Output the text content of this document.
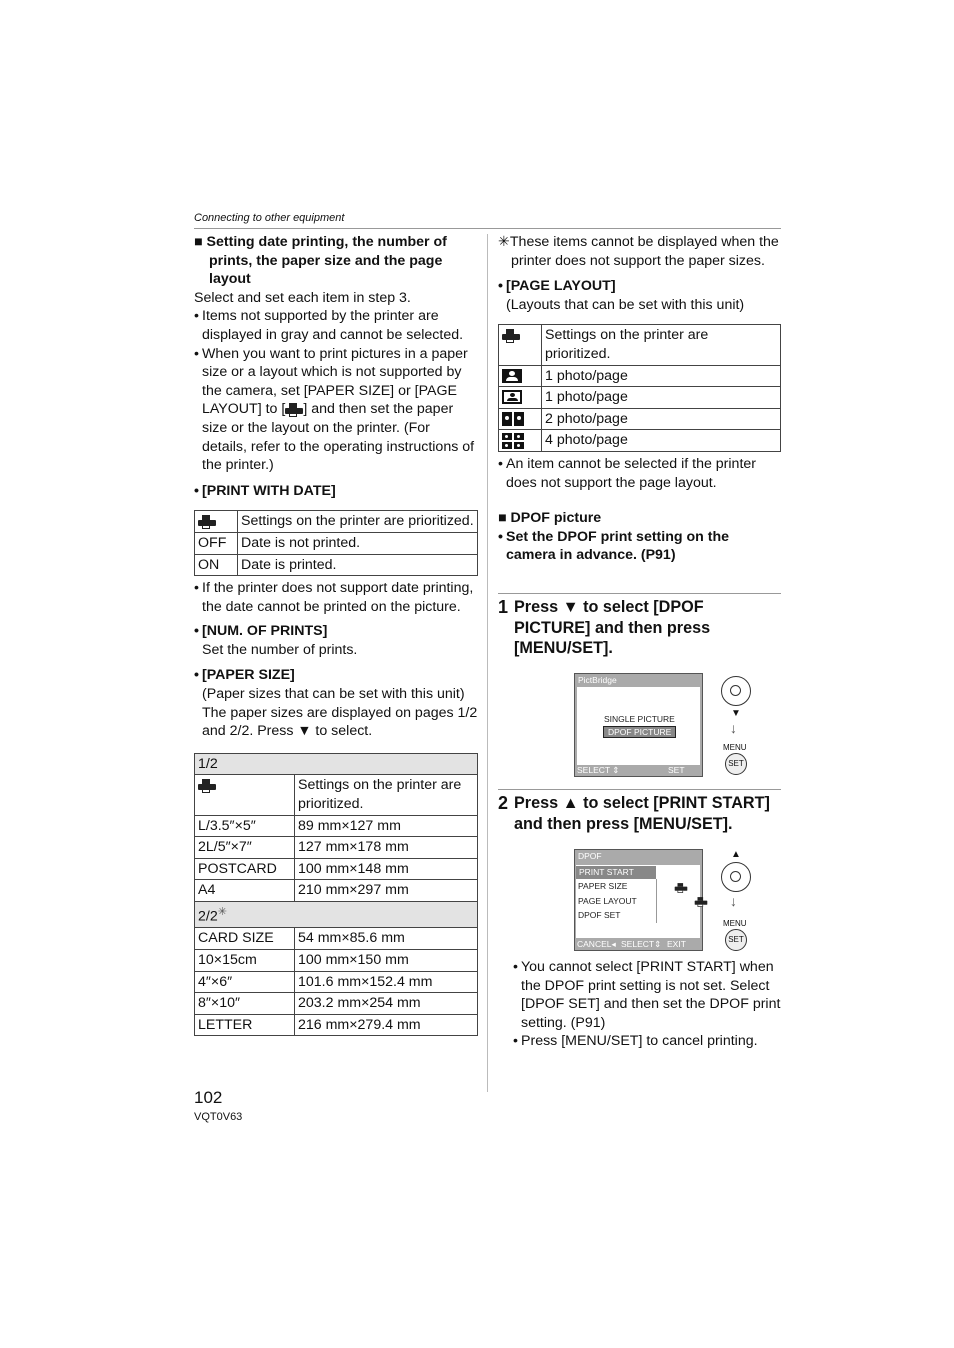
Connecting to other equipment

■ Setting date printing, the number of prints, the paper size and the page layout

Select and set each item in step 3.

• Items not supported by the printer are displayed in gray and cannot be selected.

• When you want to print pictures in a paper size or a layout which is not supported by the camera, set [PAPER SIZE] or [PAGE LAYOUT] to [ ] and then set the paper size or the layout on the printer. (For details, refer to the operating instructions of the printer.)

• [PRINT WITH DATE]

	Settings on the printer are prioritized.
OFF	Date is not printed.
ON	Date is printed.

• If the printer does not support date printing, the date cannot be printed on the picture.

• [NUM. OF PRINTS]

Set the number of prints.

• [PAPER SIZE]

(Paper sizes that can be set with this unit)

The paper sizes are displayed on pages 1/2 and 2/2. Press ▼ to select.

1/2	

	Settings on the printer are prioritized.
L/3.5″×5″	89 mm×127 mm
2L/5″×7″	127 mm×178 mm
POSTCARD	100 mm×148 mm
A4	210 mm×297 mm
2/2✳
CARD SIZE	54 mm×85.6 mm
10×15cm	100 mm×150 mm
4″×6″	101.6 mm×152.4 mm
8″×10″	203.2 mm×254 mm
LETTER	216 mm×279.4 mm

✳These items cannot be displayed when the printer does not support the paper sizes.

• [PAGE LAYOUT]

(Layouts that can be set with this unit)

	Settings on the printer are prioritized.

	1 photo/page

	1 photo/page

	2 photo/page

	4 photo/page

• An item cannot be selected if the printer does not support the page layout.

■ DPOF picture

• Set the DPOF print setting on the camera in advance. (P91)

1 Press ▼ to select [DPOF PICTURE] and then press [MENU/SET].
PictBridge
SINGLE PICTURE
DPOF PICTURE
SELECT ⇕	SET
▼
↓
MENU
SET
2 Press ▲ to select [PRINT START] and then press [MENU/SET].
DPOF
PRINT START
PAPER SIZE
PAGE LAYOUT
DPOF SET

CANCEL◂ SELECT⇕ EXIT
▲
↓
MENU
SET

• You cannot select [PRINT START] when the DPOF print setting is not set. Select [DPOF SET] and then set the DPOF print setting. (P91)

• Press [MENU/SET] to cancel printing.

102
VQT0V63
